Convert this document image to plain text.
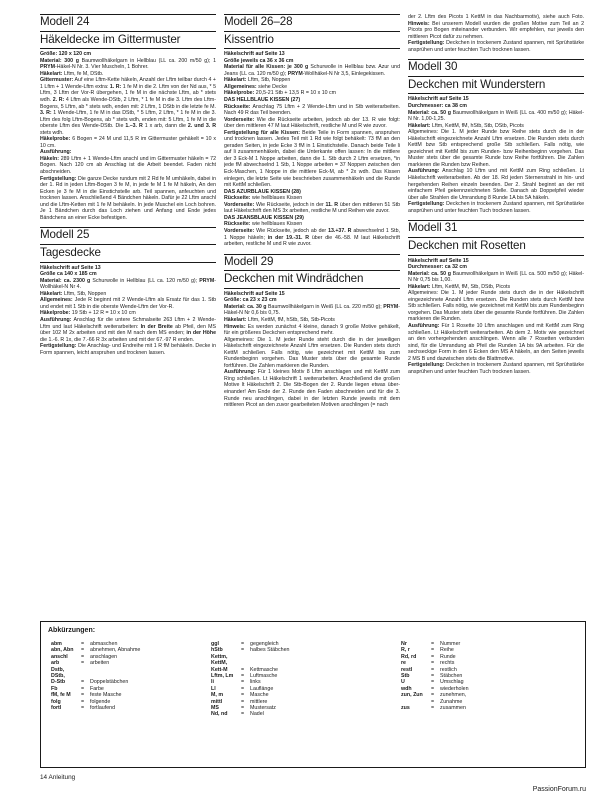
Modell 24
Häkeldecke im Gittermuster

Größe: 120 x 120 cm

Material: 300 g Baumwollhäkelgarn in Hellblau (LL ca. 200 m/50 g); 1 PRYM-Häkel-N Nr. 3. Vier Muscheln, 1 Bohrer.

Häkelart: Lftm, fe M, DStb.

Gittermuster: Auf eine Lftm-Kette häkeln, Anzahl der Lftm teilbar durch 4 + 1 Lftm + 1 Wende-Lftm extra: 1. R: 1 fe M in die 2. Lftm von der Nd aus, * 5 Lftm, 3 Lftm der Vor-R übergehen, 1 fe M in die nächste Lftm, ab * stets wdh. 2. R: 4 Lftm als Wende-DStb, 2 Lftm, * 1 fe M in die 3. Lftm des Lftm-Bogens, 5 Lftm, ab * stets wdh, enden mit: 2 Lftm, 1 DStb in die letzte fe M. 3. R: 1 Wende-Lftm, 1 fe M in das DStb, * 5 Lftm, 2 Lftm, * 1 fe M in die 3. Lftm des folg Lftm-Bogens, ab * stets wdh, enden mit: 5 Lftm, 1 fe M in die oberste Lftm des Wende-DStb. Die 1.–3. R 1 x arb, dann die 2. und 3. R stets wdh.

Häkelprobe: 6 Bogen = 24 M und 11,5 R im Gittermuster gehäkelt = 10 x 10 cm.

Ausführung:

Häkeln: 289 Lftm + 1 Wende-Lftm anschl und im Gittermuster häkeln = 72 Bogen. Nach 120 cm ab Anschlag ist die Arbeit beendet. Faden nicht abschneiden.

Fertigstellung: Die ganze Decke rundum mit 2 Rd fe M umhäkeln, dabei in der 1. Rd in jeden Lftm-Bogen 3 fe M, in jede fe M 1 fe M häkeln, An den Ecken je 3 fe M in die Einstichstelle arb. Teil spannen, anfeuchten und trocknen lassen. Anschließend 4 Bändchen häkeln. Dafür je 22 Lftm anschl und die Lftm-Ketten mit 1 fe M behäkeln. In jede Muschel ein Loch bohren. Je 1 Bändchen durch das Loch ziehen und Anfang und Ende jedes Bändchens an einer Ecke befestigen.

Modell 25
Tagesdecke

Häkelschrift auf Seite 13

Größe ca 140 x 185 cm

Material: ca. 2300 g Schurwolle in Hellblau (LL ca. 120 m/50 g); PRYM-Wollhäkel-N Nr 4.

Häkelart: Lftm, Stb, Noppen

Allgemeines: Jede R beginnt mit 2 Wende-Lftm als Ersatz für das 1. Stb und endet mit 1 Stb in die oberste Wende-Lftm der Vor-R.

Häkelprobe: 19 Stb + 12 R = 10 x 10 cm

Ausführung: Anschlag für die untere Schmalseite 263 Lftm + 2 Wende-Lftm und laut Häkelschrift weiterarbeiten: In der Breite ab Pfeil, den MS über 102 M 2x arbeiten und mit den M nach dem MS enden; in der Höhe die 1.-6. R 1x, die 7.-66 R 3x arbeiten und mit der 67.-97 R enden.

Fertigstellung: Die Anschlag- und Endreihe mit 1 R fM behäkeln. Decke in Form spannen, leicht anspruhen und trocknen lassen.

Modell 26–28
Kissentrio

Häkelschrift auf Seite 13

Größe jeweils ca 36 x 36 cm

Material für alle Kissen: je 300 g Schurwolle in Hellblau bzw. Azur und Jeans (LL ca. 120 m/50 g); PRYM-Wollhäkel-N Nr 3,5, Einlegekissen.

Häkelart: Lftm, Stb, Noppen

Allgemeines: siehe Decke

Häkelprobe: 20,5-21 Stb + 13,5 R = 10 x 10 cm

DAS HELLBLAUE KISSEN (27)

Rückseite: Anschlag 75 Lftm + 2 Wende-Lftm und in Stb weiterarbeiten. Nach 49 R das Teil beenden.

Vorderseite: Wie die Rückseite arbeiten, jedoch ab der 13. R wie folgt: über den mittleren 47 M laut Häkelschrift, restliche M und R wie zuvor.

Fertigstellung für alle Kissen: Beide Teile in Form spannen, anspruhen und trocknen lassen. Jedes Teil mit 1 Rd wie folgt behäkelt: 73 fM an den geraden Seiten, in jede Ecke 3 fM in 1 Einstichstelle. Danach beide Teile li auf li zusammenhäkeln, dabei die Unterkante offen lassen: In die mittlere der 3 Eck-M 1 Noppe arbeiten, dann die 1. Stb durch 2 Lftm ersetzen, *in jede fM abwechselnd 1 Stb, 1 Noppe arbeiten = 37 Noppen zwischen den Eck-Maschen, 1 Noppe in die mittlere Eck-M, ab * 2x wdh. Das Kissen einlegen, die letzte Seite wie beschrieben zusammenhäkeln und die Runde mit KettM schließen.

DAS AZURBLAUE KISSEN (28)

Rückseite: wie hellblaues Kissen

Vorderseite: Wie Rückseite, jedoch in der 11. R über den mittleren 51 Stb laut Häkelschrift den MS 3x arbeiten, restliche M und Reihen wie zuvor.

DAS JEANSBLAUE KISSEN (29)

Rückseite: wie hellblaues Kissen

Vorderseite: Wie Rückseite, jedoch ab der 13.+37. R abwechselnd 1 Stb, 1 Noppe häkeln; in der 19.-31. R über die 46.-58. M laut Häkelschrift arbeiten, restliche M und R wie zuvor.

Modell 29
Deckchen mit Windrädchen

Häkelschrift auf Seite 15

Größe: ca 23 x 23 cm

Material: ca. 30 g Baumwollhäkelgarn in Weiß (LL ca. 220 m/50 g); PRYM-Häkel-N Nr 0,6 bis 0,75.

Häkelart: Lftm, KettM, fM, hStb, Stb, Stb-Picots

Hinweis: Es werden zunächst 4 kleine, danach 9 große Motive gehäkelt, für ein größeres Deckchen entsprechend mehr.

Allgemeines: Die 1. M jeder Runde steht durch die in der jeweiligen Häkelschrift eingezeichnete Anzahl Lftm ersetzen. Die Runden stets durch KettM schließen. Falls nötig, wie gezeichnet mit KettM bis zum Rundenbeginn vorgehen. Das Muster stets über die gesamte Runde fortführen. Die Zahlen markieren die Runden.

Ausführung: Für 1 kleines Motiv 8 Lftm anschlagen und mit KettM zum Ring schließen. Lt Häkelschrift 1 weiterarbeiten. Anschließend die großen Motive lt Häkelschrift 2. Die Stb-Bogen der 2. Runde liegen etwas über-einander! Am Ende der 2. Runde den Faden abschneiden und für die 3. Runde neu anschlingen, dabei in der letzten Runde jeweils mit dem mittleren Picot an den zuvor gearbeiteten Motiven anschlingen (= nach

der 2. Lftm des Picots 1 KettM in das Nachbarmotiv), siehe auch Foto. Hinweis: Bei unserem Modell wurden die großen Motive zum Teil an 2 Picots pro Bogen miteinander verbunden. Wir empfehlen, nur jeweils den mittleren Picot dafür zu nehmen.

Fertigstellung: Deckchen in trockenem Zustand spannen, mit Sprühstärke ansprühen und unter feuchten Tuch trocknen lassen.

Modell 30
Deckchen mit Wunderstern

Häkelschrift auf Seite 15

Durchmesser: ca 38 cm

Material: ca. 50 g Baumwollhäkelgarn in Weiß (LL ca. 400 m/50 g); Häkel-N Nr. 1,00-1,25.

Häkelart: Lftm, KettM, fM, hStb, Stb, DStb, Picots

Allgemeines: Die 1. M jeder Runde bzw Reihe stets durch die in der Häkelschrift eingezeichnete Anzahl Lftm ersetzen. Die Runden stets durch KettM bzw Stb entsprechend große Stb schließen. Falls nötig, wie gezeichnet mit KettM bis zum Runden- bzw Reihenbeginn vorgehen. Das Muster stets über die gesamte Runde bzw Reihe fortführen. Die Zahlen markieren die Runden bzw Reihen.

Ausführung: Anschlag 10 Lftm und mit KettM zum Ring schließen. Lt Häkelschrift weiterarbeiten. Ab der 18. Rd jeden Sternenstrahl in hin- und hergehenden Reihen einzeln beenden. Der 2. Strahl beginnt an der mit einfachem Pfeil gekennzeichneten Stelle. Danach ab Doppelpfeil wieder über alle Strahlen die Umrandung 8 Runde 1A bis 5A häkeln.

Fertigstellung: Deckchen in trockenem Zustand spannen, mit Sprühstärke ansprühen und unter feuchten Tuch trocknen lassen.

Modell 31
Deckchen mit Rosetten

Häkelschrift auf Seite 15

Durchmesser: ca 32 cm

Material: ca. 50 g Baumwollhäkelgarn in Weiß (LL ca. 500 m/50 g); Häkel-N Nr 0,75 bis 1,00.

Häkelart: Lftm, KettM, fM, Stb, DStb, Picots

Allgemeines: Die 1. M jeder Runde stets durch die in der Häkelschrift eingezeichnete Anzahl Lftm ersetzen. Die Runden stets durch KettM bzw Stb schließen. Falls nötig, wie gezeichnet mit KettM bis zum Rundenbeginn vorgehen. Das Muster stets über die gesamte Runde fortführen. Die Zahlen markieren die Runden.

Ausführung: Für 1 Rosette 10 Lftm anschlagen und mit KettM zum Ring schließen. Lt Häkelschrift weiterarbeiten. Ab dem 2. Motiv wie gezeichnet an den vorhergehenden anschlingen. Wenn alle 7 Rosetten verbunden sind, für die Umrandung ab Pfeil die Runden 1A bis 9A arbeiten. Für die sechseckige Form in den 6 Ecken den MS A häkeln, an den Seiten jeweils 2 MS B und dazwischen stets die Blattmotive.

Fertigstellung: Deckchen in trockenem Zustand spannen, mit Sprühstärke ansprühen und unter feuchten Tuch trocknen lassen.

Abkürzungen:
abm	=	abmaschen
abn, Abn	=	abnehmen, Abnahme
anschl	=	anschlagen
arb	=	arbeiten
Dstb,
DStb,
D-Stb	=	Doppelstäbchen
Fb	=	Farbe
fM, fe M	=	feste Masche
folg	=	folgende
fortl	=	fortlaufend
ggl	=	gegengleich
hStb	=	halbes Stäbchen
Kettm, KettM,
Kett-M	=	Kettmasche
Lftm, Lm	=	Luftmasche
li	=	links
Ll	=	Lauflänge
M, m	=	Masche
mittl	=	mittlere
MS	=	Mustersatz
Nd, nd	=	Nadel
Nr	=	Nummer
R, r	=	Reihe
Rd, rd	=	Runde
re	=	rechts
restl	=	restlich
Stb	=	Stäbchen
U	=	Umschlag
wdh	=	wiederholen
zun, Zun	=	zunehmen,
=	Zunahme
zus	=	zusammen
14 Anleitung
PassionForum.ru
